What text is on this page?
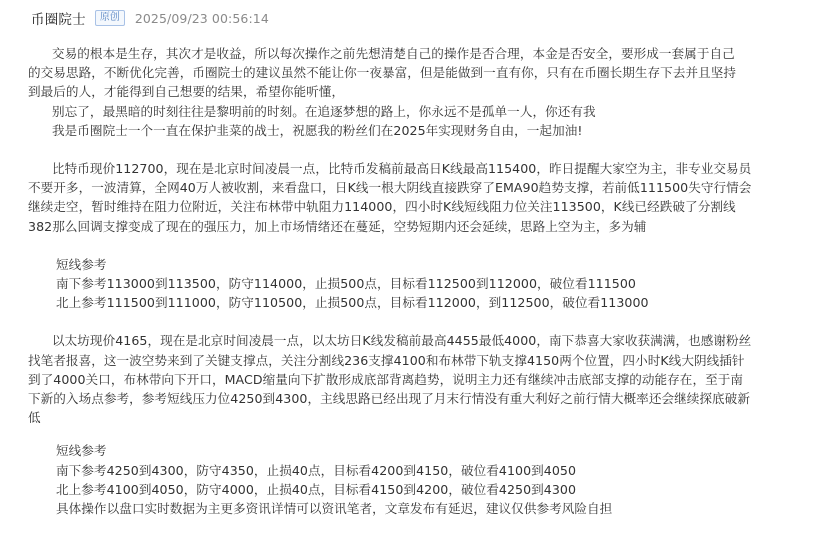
币圈院士	原创	2025/09/23 00:56:14
交易的根本是生存，其次才是收益，所以每次操作之前先想清楚自己的操作是否合理，本金是否安全，要形成一套属于自己
的交易思路，不断优化完善，币圈院士的建议虽然不能让你一夜暴富，但是能做到一直有你，只有在币圈长期生存下去并且坚持
到最后的人，才能得到自己想要的结果，希望你能听懂，
别忘了，最黑暗的时刻往往是黎明前的时刻。在追逐梦想的路上，你永远不是孤单一人，你还有我
我是币圈院士一个一直在保护韭菜的战士，祝愿我的粉丝们在2025年实现财务自由，一起加油!
比特币现价112700，现在是北京时间凌晨一点，比特币发稿前最高日K线最高115400，昨日提醒大家空为主，非专业交易员
不要开多，一波清算，全网40万人被收割，来看盘口，日K线一根大阴线直接跌穿了EMA90趋势支撑，若前低111500失守行情会
继续走空，暂时维持在阻力位附近，关注布林带中轨阻力114000，四小时K线短线阻力位关注113500，K线已经跌破了分割线
382那么回调支撑变成了现在的强压力，加上市场情绪还在蔓延，空势短期内还会延续，思路上空为主，多为辅
短线参考
南下参考113000到113500，防守114000，止损500点，目标看112500到112000，破位看111500
北上参考111500到111000，防守110500，止损500点，目标看112000，到112500，破位看113000
以太坊现价4165，现在是北京时间凌晨一点，以太坊日K线发稿前最高4455最低4000，南下恭喜大家收获满满，也感谢粉丝
找笔者报喜，这一波空势来到了关键支撑点，关注分割线236支撑4100和布林带下轨支撑4150两个位置，四小时K线大阴线插针
到了4000关口，布林带向下开口，MACD缩量向下扩散形成底部背离趋势，说明主力还有继续冲击底部支撑的动能存在，至于南
下新的入场点参考，参考短线压力位4250到4300，主线思路已经出现了月末行情没有重大利好之前行情大概率还会继续探底破新
低
短线参考
南下参考4250到4300，防守4350，止损40点，目标看4200到4150，破位看4100到4050
北上参考4100到4050，防守4000，止损40点，目标看4150到4200，破位看4250到4300
具体操作以盘口实时数据为主更多资讯详情可以资讯笔者，文章发布有延迟，建议仅供参考风险自担
